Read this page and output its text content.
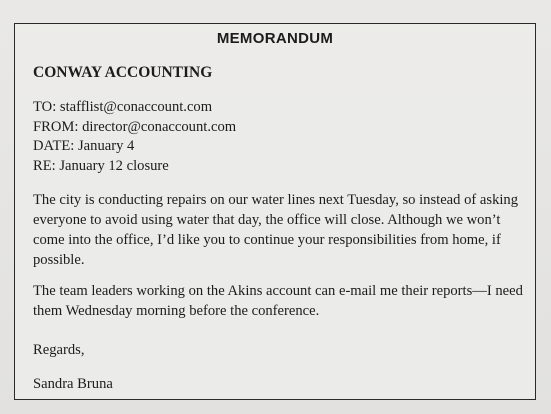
MEMORANDUM
CONWAY ACCOUNTING
TO: stafflist@conaccount.com
FROM: director@conaccount.com
DATE: January 4
RE: January 12 closure
The city is conducting repairs on our water lines next Tuesday, so instead of asking everyone to avoid using water that day, the office will close. Although we won’t come into the office, I’d like you to continue your responsibilities from home, if possible.
The team leaders working on the Akins account can e-mail me their reports—I need them Wednesday morning before the conference.
Regards,
Sandra Bruna
